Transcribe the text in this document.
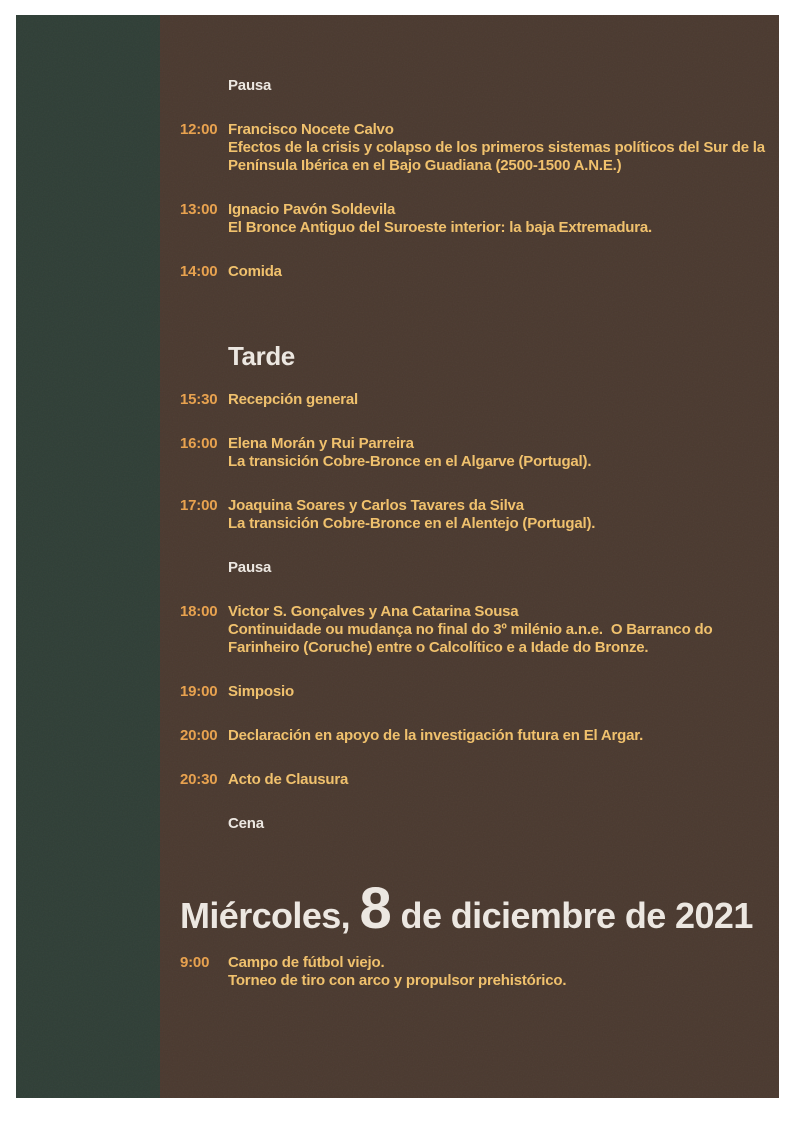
Pausa
12:00 Francisco Nocete Calvo
Efectos de la crisis y colapso de los primeros sistemas políticos del Sur de la
Península Ibérica en el Bajo Guadiana (2500-1500 A.N.E.)
13:00 Ignacio Pavón Soldevila
El Bronce Antiguo del Suroeste interior: la baja Extremadura.
14:00 Comida
Tarde
15:30 Recepción general
16:00 Elena Morán y Rui Parreira
La transición Cobre-Bronce en el Algarve (Portugal).
17:00 Joaquina Soares y Carlos Tavares da Silva
La transición Cobre-Bronce en el Alentejo (Portugal).
Pausa
18:00 Victor S. Gonçalves y Ana Catarina Sousa
Continuidade ou mudança no final do 3º milénio a.n.e.  O Barranco do
Farinheiro (Coruche) entre o Calcolítico e a Idade do Bronze.
19:00 Simposio
20:00 Declaración en apoyo de la investigación futura en El Argar.
20:30 Acto de Clausura
Cena
Miércoles, 8 de diciembre de 2021
9:00	Campo de fútbol viejo.
Torneo de tiro con arco y propulsor prehistórico.
